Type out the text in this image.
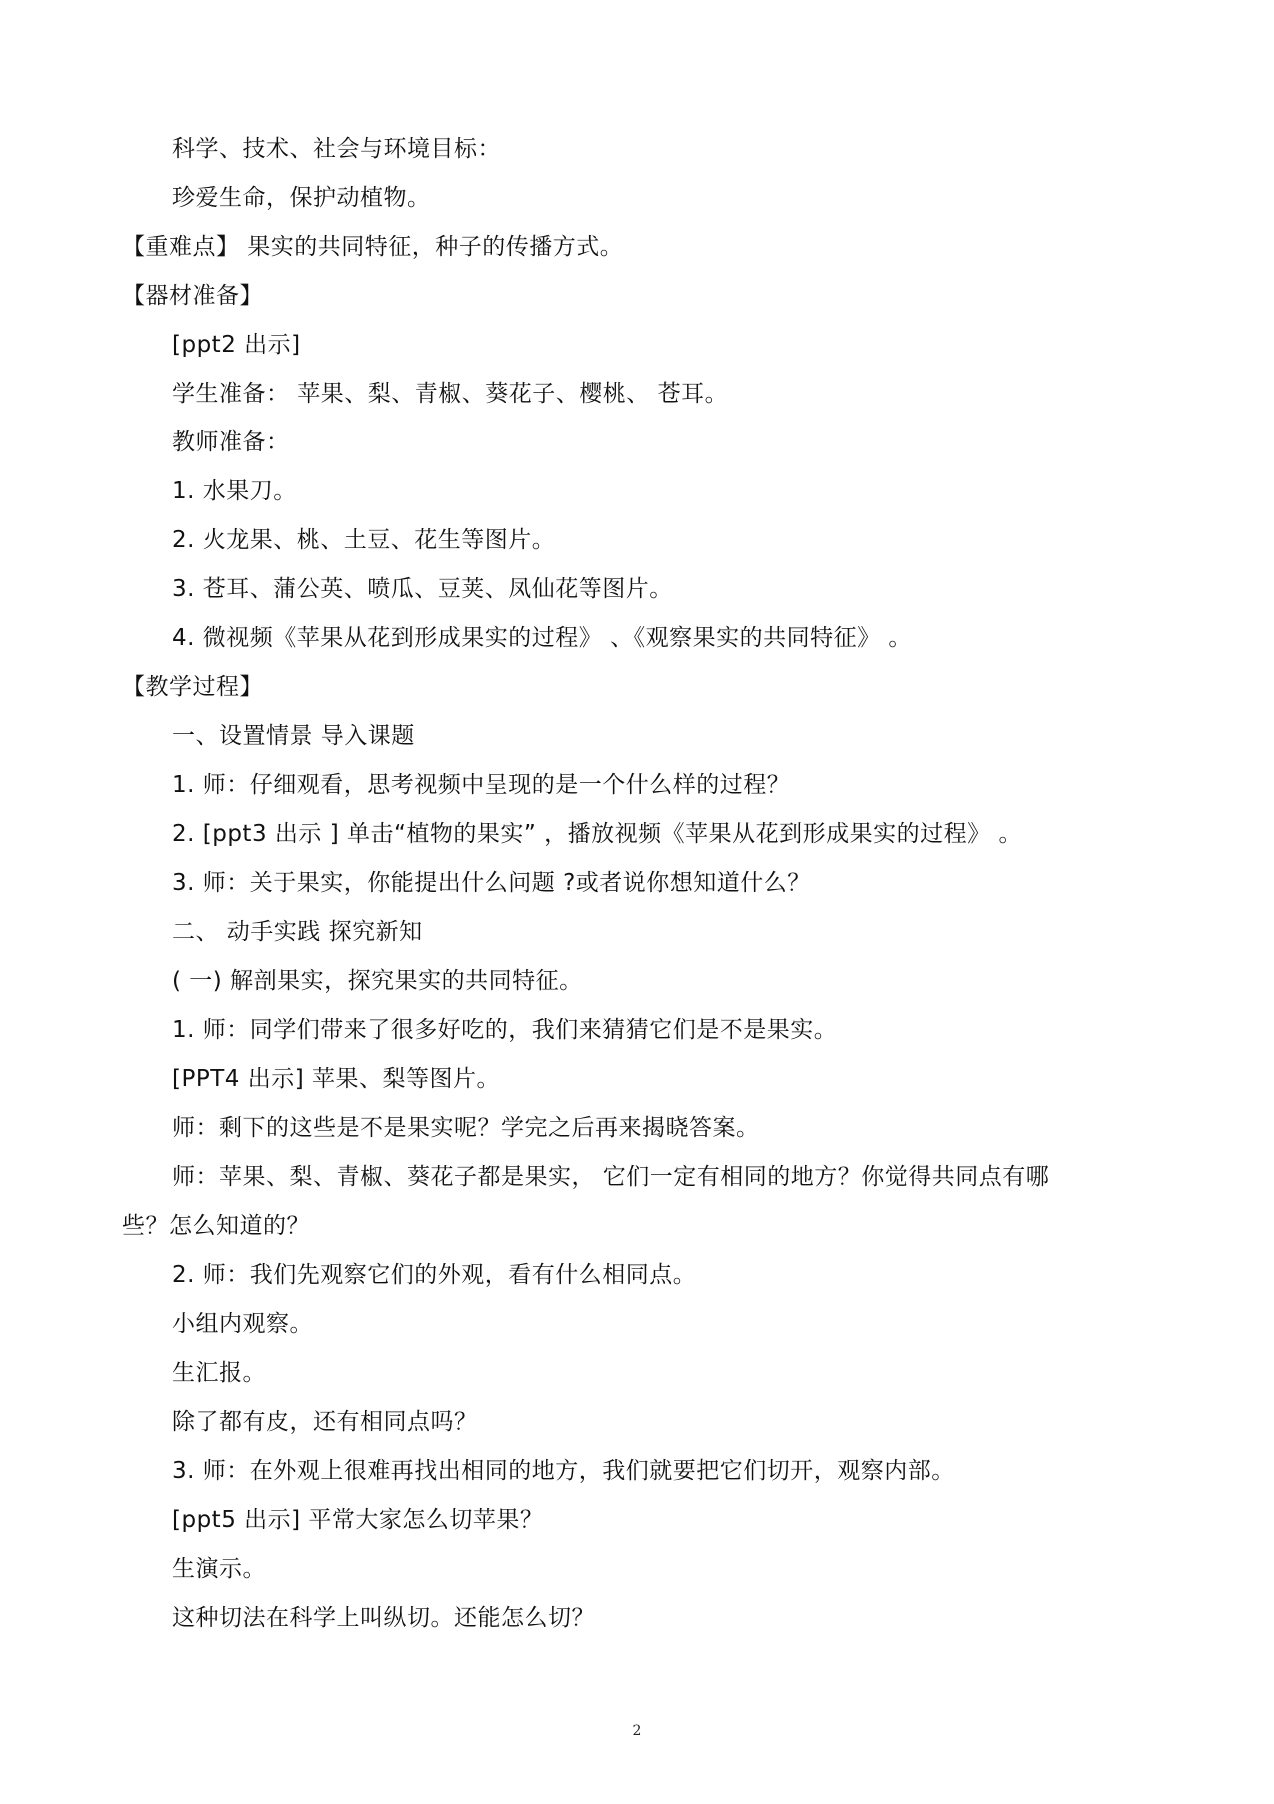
科学、技术、社会与环境目标：
珍爱生命，保护动植物。
【重难点】 果实的共同特征，种子的传播方式。
【器材准备】
[ppt2 出示]
学生准备： 苹果、梨、青椒、葵花子、樱桃、 苍耳。
教师准备：
1. 水果刀。
2. 火龙果、桃、土豆、花生等图片。
3. 苍耳、蒲公英、喷瓜、豆荚、凤仙花等图片。
4. 微视频《苹果从花到形成果实的过程》 、《观察果实的共同特征》 。
【教学过程】
一、设置情景 导入课题
1. 师：仔细观看，思考视频中呈现的是一个什么样的过程？
2. [ppt3 出示 ] 单击“植物的果实” ，播放视频《苹果从花到形成果实的过程》 。
3. 师：关于果实，你能提出什么问题 ?或者说你想知道什么？
二、 动手实践 探究新知
( 一) 解剖果实，探究果实的共同特征。
1. 师：同学们带来了很多好吃的，我们来猜猜它们是不是果实。
[PPT4 出示] 苹果、梨等图片。
师：剩下的这些是不是果实呢？学完之后再来揭晓答案。
师：苹果、梨、青椒、葵花子都是果实， 它们一定有相同的地方？你觉得共同点有哪
些？怎么知道的？
2. 师：我们先观察它们的外观，看有什么相同点。
小组内观察。
生汇报。
除了都有皮，还有相同点吗？
3. 师：在外观上很难再找出相同的地方，我们就要把它们切开，观察内部。
[ppt5 出示] 平常大家怎么切苹果？
生演示。
这种切法在科学上叫纵切。还能怎么切？
2
